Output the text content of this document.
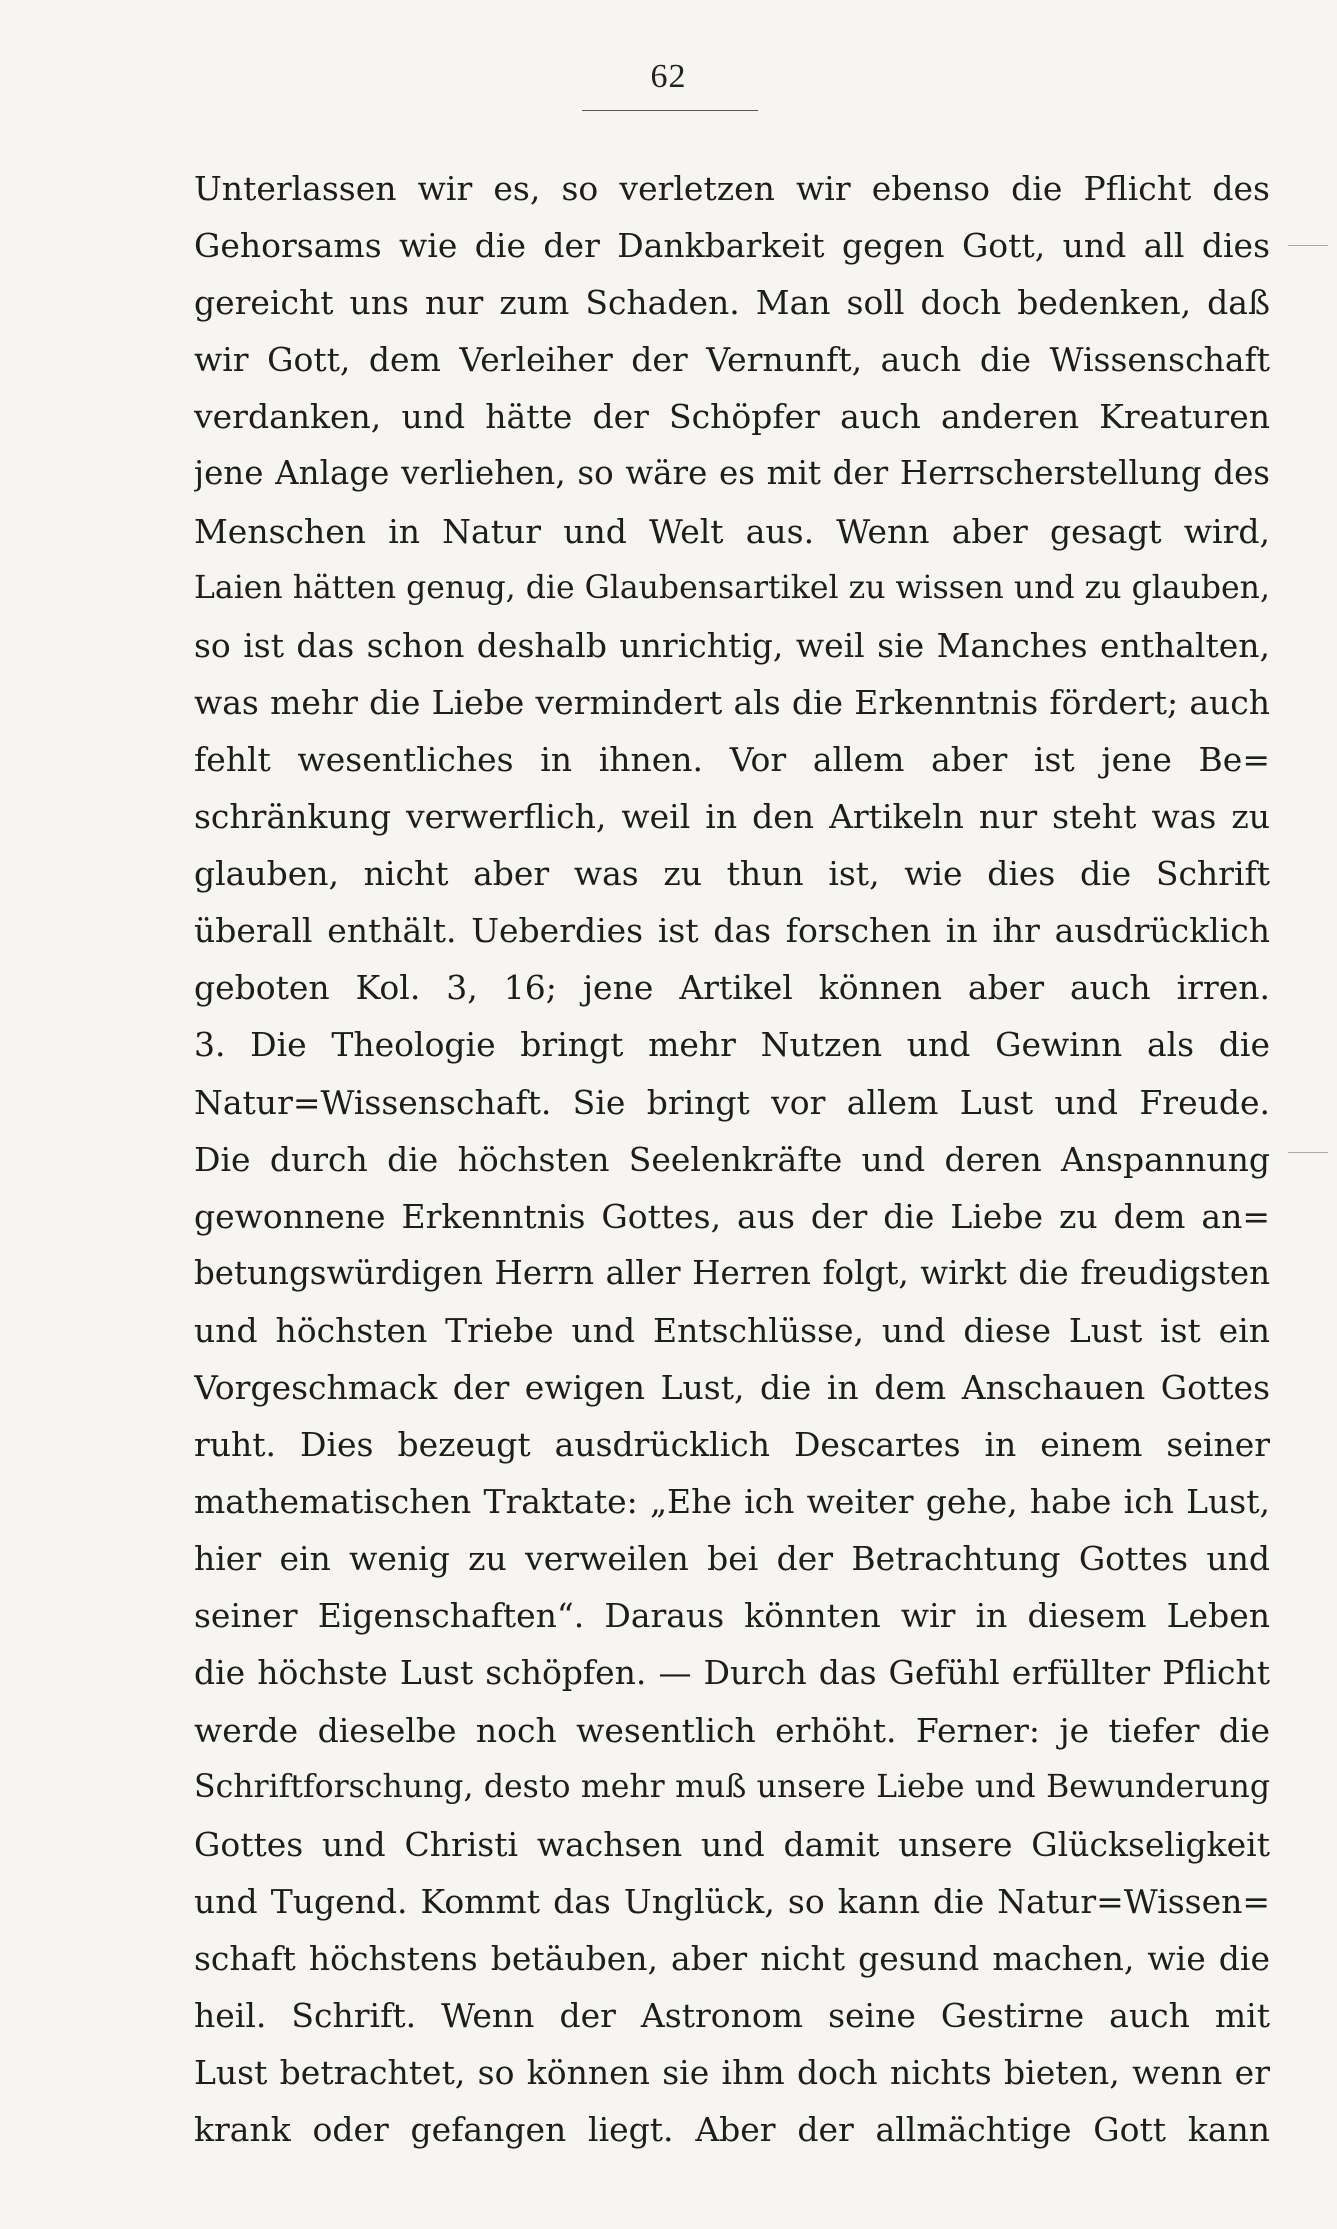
62
Unterlassen wir es, so verletzen wir ebenso die Pflicht des
Gehorsams wie die der Dankbarkeit gegen Gott, und all dies
gereicht uns nur zum Schaden. Man soll doch bedenken, daß
wir Gott, dem Verleiher der Vernunft, auch die Wissenschaft
verdanken, und hätte der Schöpfer auch anderen Kreaturen
jene Anlage verliehen, so wäre es mit der Herrscherstellung des
Menschen in Natur und Welt aus. Wenn aber gesagt wird,
Laien hätten genug, die Glaubensartikel zu wissen und zu glauben,
so ist das schon deshalb unrichtig, weil sie Manches enthalten,
was mehr die Liebe vermindert als die Erkenntnis fördert; auch
fehlt wesentliches in ihnen. Vor allem aber ist jene Be=
schränkung verwerflich, weil in den Artikeln nur steht was zu
glauben, nicht aber was zu thun ist, wie dies die Schrift
überall enthält. Ueberdies ist das forschen in ihr ausdrücklich
geboten Kol. 3, 16; jene Artikel können aber auch irren.
3. Die Theologie bringt mehr Nutzen und Gewinn als die
Natur=Wissenschaft. Sie bringt vor allem Lust und Freude.
Die durch die höchsten Seelenkräfte und deren Anspannung
gewonnene Erkenntnis Gottes, aus der die Liebe zu dem an=
betungswürdigen Herrn aller Herren folgt, wirkt die freudigsten
und höchsten Triebe und Entschlüsse, und diese Lust ist ein
Vorgeschmack der ewigen Lust, die in dem Anschauen Gottes
ruht. Dies bezeugt ausdrücklich Descartes in einem seiner
mathematischen Traktate: „Ehe ich weiter gehe, habe ich Lust,
hier ein wenig zu verweilen bei der Betrachtung Gottes und
seiner Eigenschaften“. Daraus könnten wir in diesem Leben
die höchste Lust schöpfen. — Durch das Gefühl erfüllter Pflicht
werde dieselbe noch wesentlich erhöht. Ferner: je tiefer die
Schriftforschung, desto mehr muß unsere Liebe und Bewunderung
Gottes und Christi wachsen und damit unsere Glückseligkeit
und Tugend. Kommt das Unglück, so kann die Natur=Wissen=
schaft höchstens betäuben, aber nicht gesund machen, wie die
heil. Schrift. Wenn der Astronom seine Gestirne auch mit
Lust betrachtet, so können sie ihm doch nichts bieten, wenn er
krank oder gefangen liegt. Aber der allmächtige Gott kann
